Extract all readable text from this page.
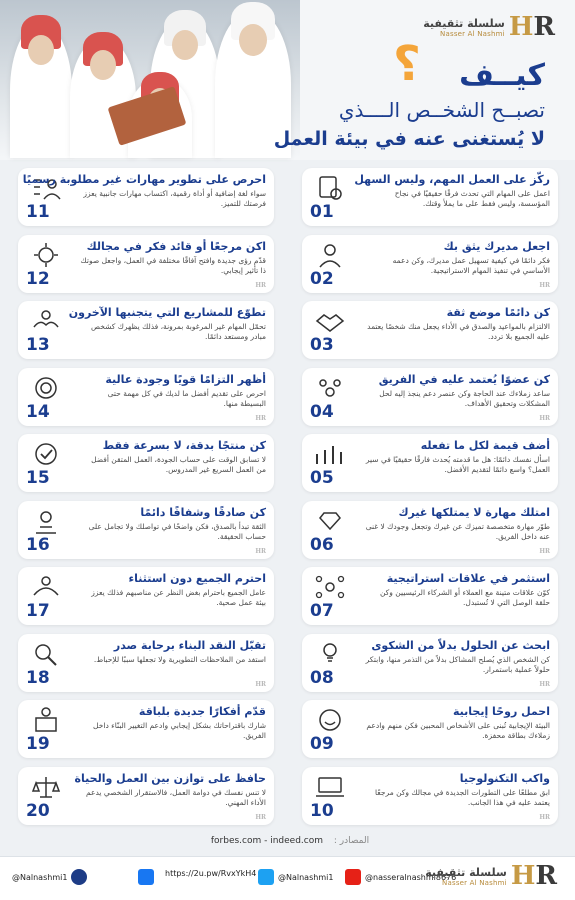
سلسلة تثقيفية
Nasser Al Nashmi HR
؟ كيــف
تصبــح الشخــص الــــذي
لا يُستغنى عنه في بيئة العمل
ركّز على العمل المهم، وليس السهل
اعمل على المهام التي تحدث فرقًا حقيقيًا في نجاح المؤسسة، وليس فقط على ما يملأ وقتك.
01
اجعل مديرك يثق بك
فكر دائمًا في كيفية تسهيل عمل مديرك، وكن دعمه الأساسي في تنفيذ المهام الاستراتيجية.
02	HR
كن دائمًا موضع ثقة
الالتزام بالمواعيد والصدق في الأداء يجعل منك شخصًا يعتمد عليه الجميع بلا تردد.
03
كن عضوًا يُعتمد عليه في الفريق
ساعد زملاءك عند الحاجة وكن عنصر دعم ينجذ إليه لحل المشكلات وتحقيق الأهداف.
04	HR
أضف قيمة لكل ما تفعله
اسأل نفسك دائمًا: هل ما قدمته يُحدث فارقًا حقيقيًا في سير العمل؟ واسع دائمًا لتقديم الأفضل.
05
امتلك مهارة لا يمتلكها غيرك
طوّر مهارة متخصصة تميزك عن غيرك وتجعل وجودك لا غنى عنه داخل الفريق.
06	HR
استثمر في علاقات استراتيجية
كوّن علاقات متينة مع العملاء أو الشركاء الرئيسيين وكن حلقة الوصل التي لا تُستبدل.
07
ابحث عن الحلول بدلاً من الشكوى
كن الشخص الذي يُصلح المشاكل بدلاً من التذمر منها، وابتكر حلولاً عملية باستمرار.
08	HR
احمل روحًا إيجابية
البيئة الإيجابية تُبنى على الأشخاص المحبين فكن منهم وادعم زملاءك بطاقة محفزة.
09
واكب التكنولوجيا
ابق مطلعًا على التطورات الجديدة في مجالك وكن مرجعًا يعتمد عليه في هذا الجانب.
10	HR
احرص على تطوير مهارات غير مطلوبة رسميًا
سواء لغة إضافية أو أداة رقمية، اكتساب مهارات جانبية يعزز فرصتك للتميز.
11
اكن مرجعًا أو قائد فكر في مجالك
قدّم رؤى جديدة وافتح آفاقًا مختلفة في العمل، واجعل صوتك ذا تأثير إيجابي.
12	HR
تطوّع للمشاريع التي يتجنبها الآخرون
تحمّل المهام غير المرغوبة بمرونة، فذلك يظهرك كشخص مبادر ومستعد دائمًا.
13
أظهر التزامًا قويًا وجودة عالية
احرص على تقديم أفضل ما لديك في كل مهمة حتى البسيطة منها.
14	HR
كن منتجًا بدقة، لا بسرعة فقط
لا تسابق الوقت على حساب الجودة، العمل المتقن أفضل من العمل السريع غير المدروس.
15
كن صادقًا وشفافًا دائمًا
الثقة تبدأ بالصدق، فكن واضحًا في تواصلك ولا تجامل على حساب الحقيقة.
16	HR
احترم الجميع دون استثناء
عامل الجميع باحترام بغض النظر عن مناصبهم فذلك يعزز بيئة عمل صحية.
17
تقبّل النقد البناء برحابة صدر
استفد من الملاحظات التطويرية ولا تجعلها سببًا للإحباط.
18	HR
قدّم أفكارًا جديدة بلباقة
شارك باقتراحاتك بشكل إيجابي وادعم التغيير البنّاء داخل الفريق.
19
حافظ على توازن بين العمل والحياة
لا تنس نفسك في دوامة العمل، فالاستقرار الشخصي يدعم الأداء المهني.
20	HR
المصادر : forbes.com - indeed.com
@Nalnashmi1	https://2u.pw/RvxYkH4	@Nalnashmi1	@nasseralnashmi8676
سلسلة تثقيفية
Nasser Al Nashmi HR
